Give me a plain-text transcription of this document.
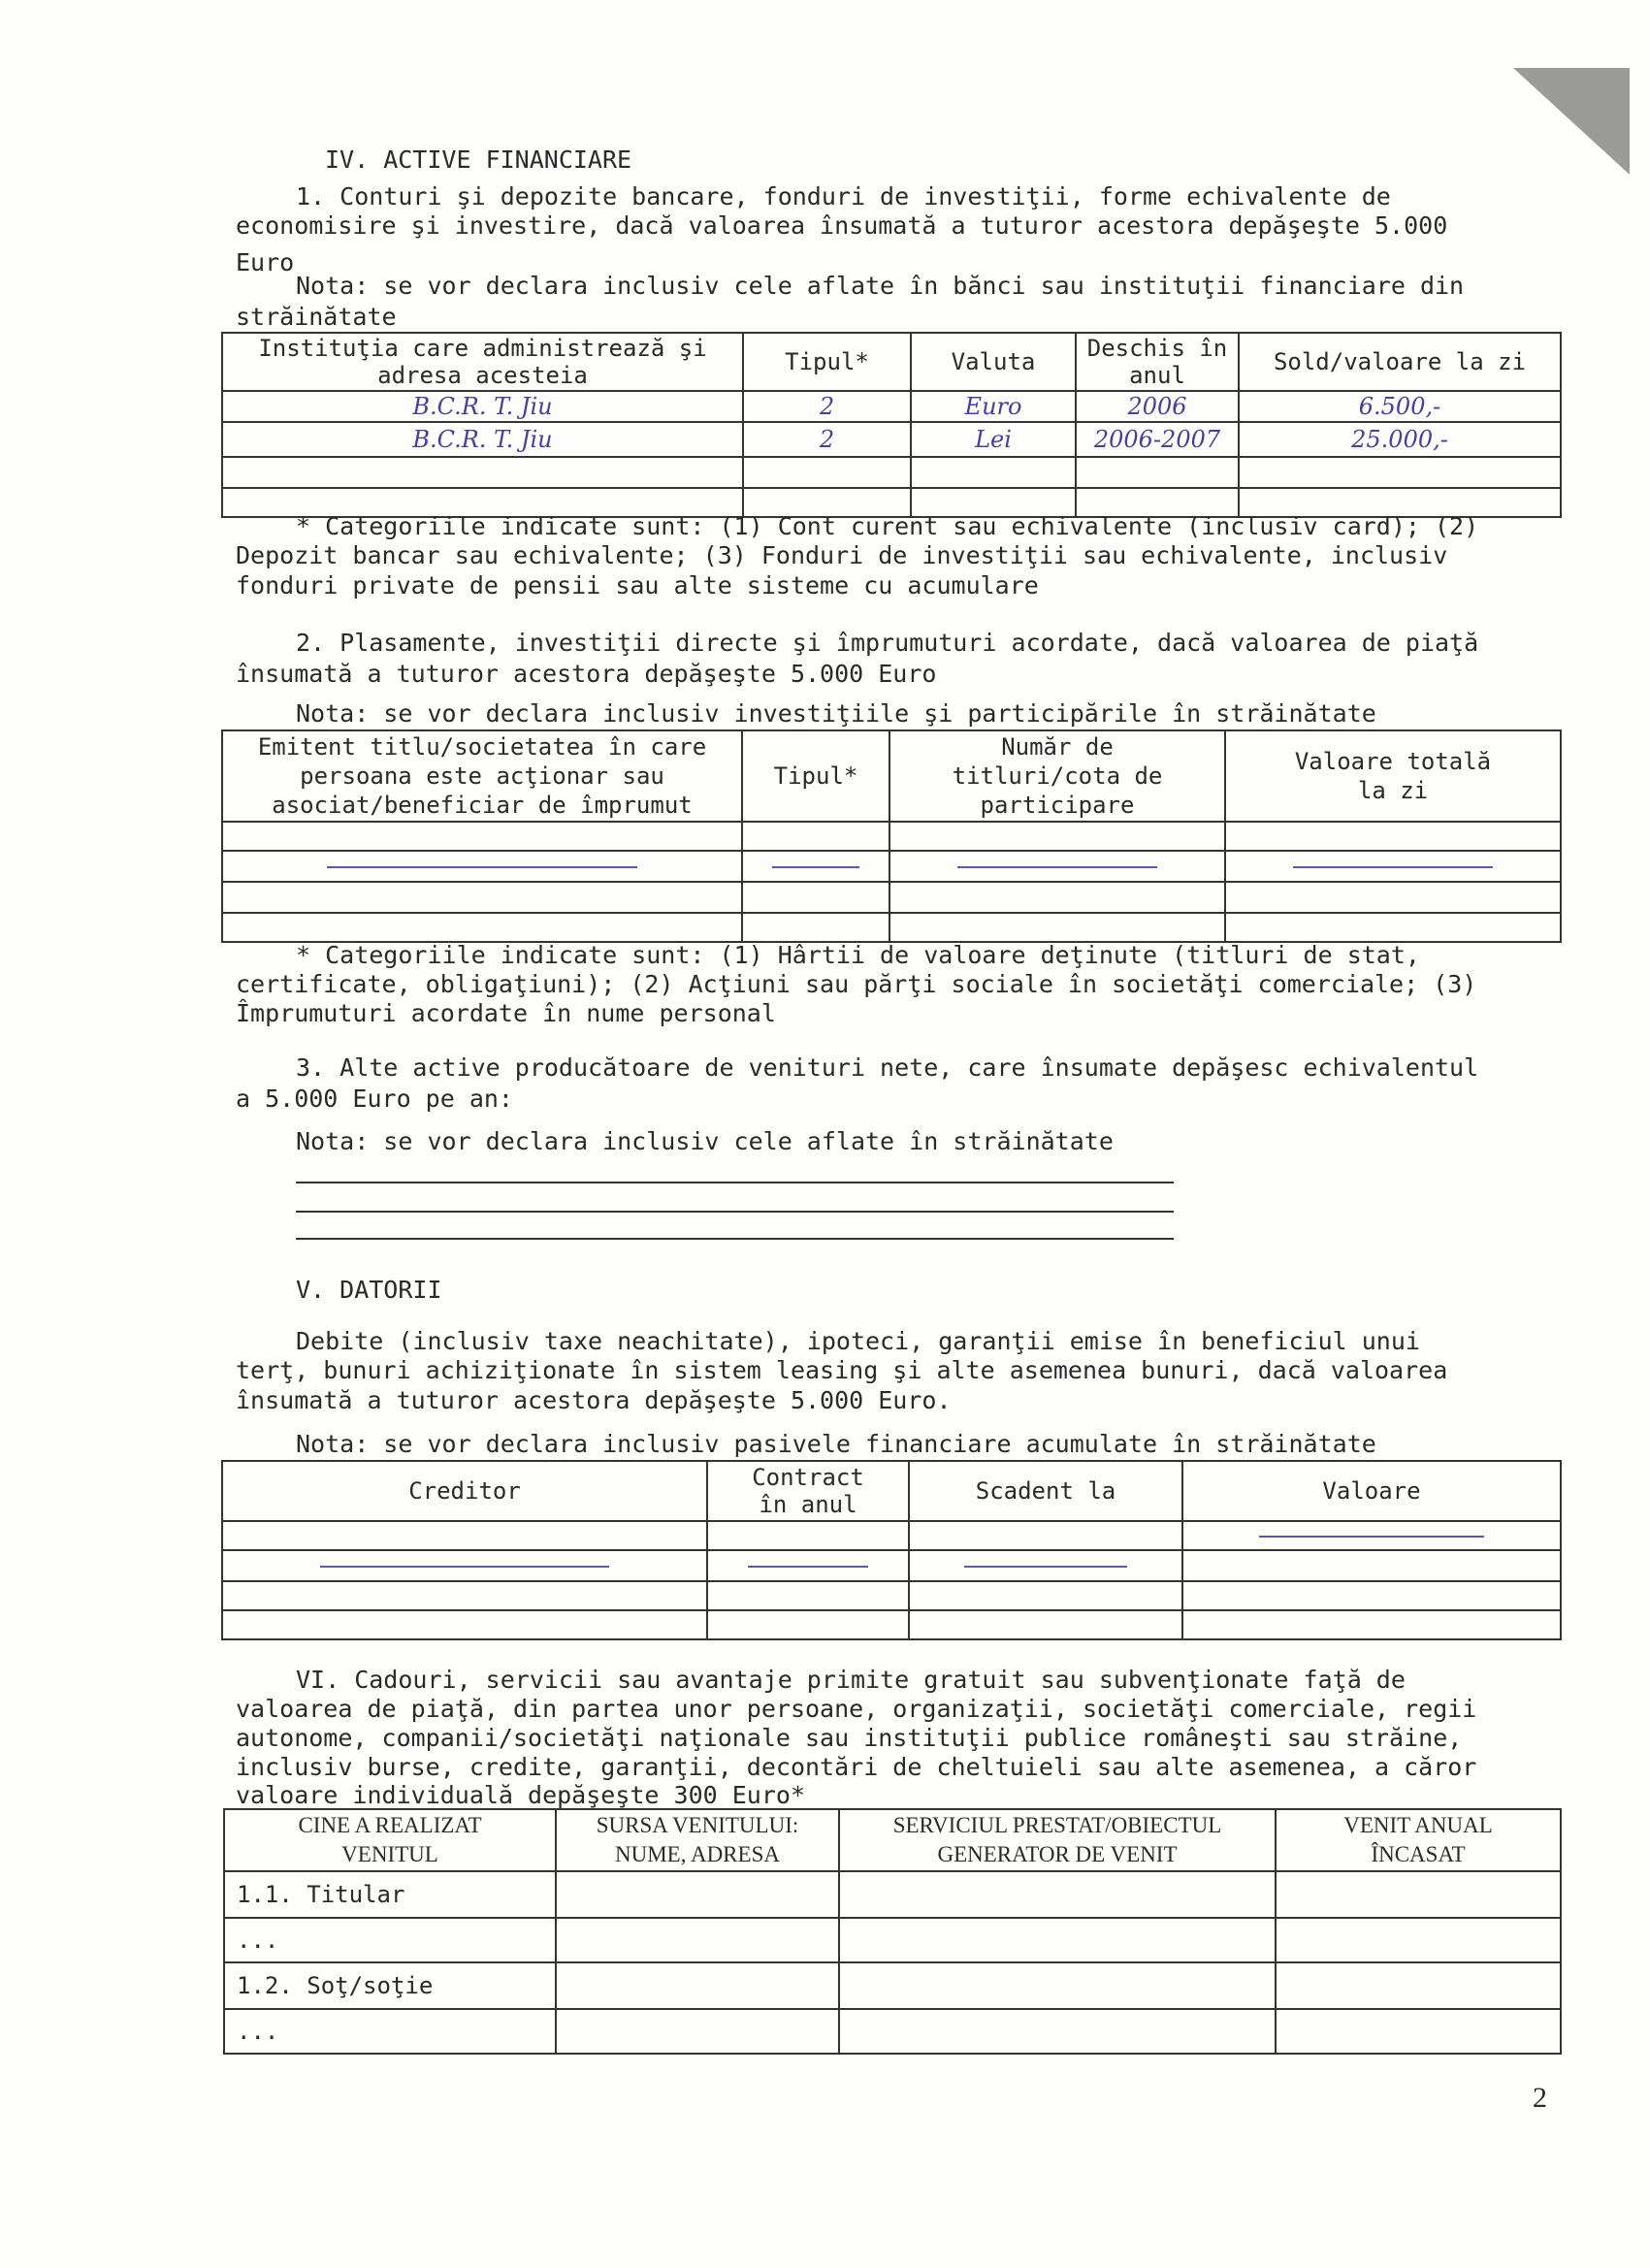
IV. ACTIVE FINANCIARE
1. Conturi şi depozite bancare, fonduri de investiţii, forme echivalente de
economisire şi investire, dacă valoarea însumată a tuturor acestora depăşeşte 5.000
Euro
Nota: se vor declara inclusiv cele aflate în bănci sau instituţii financiare din
străinătate
Instituţia care administrează şi adresa acesteia	Tipul*	Valuta	Deschis în anul	Sold/valoare la zi
B.C.R. T. Jiu	2	Euro	2006	6.500,-
B.C.R. T. Jiu	2	Lei	2006-2007	25.000,-

* Categoriile indicate sunt: (1) Cont curent sau echivalente (inclusiv card); (2)
Depozit bancar sau echivalente; (3) Fonduri de investiţii sau echivalente, inclusiv
fonduri private de pensii sau alte sisteme cu acumulare
2. Plasamente, investiţii directe şi împrumuturi acordate, dacă valoarea de piaţă
însumată a tuturor acestora depăşeşte 5.000 Euro
Nota: se vor declara inclusiv investiţiile şi participările în străinătate
Emitent titlu/societatea în care persoana este acţionar sau asociat/beneficiar de împrumut	Tipul*	Număr de titluri/cota de participare	Valoare totală la zi

* Categoriile indicate sunt: (1) Hârtii de valoare deţinute (titluri de stat,
certificate, obligaţiuni); (2) Acţiuni sau părţi sociale în societăţi comerciale; (3)
Împrumuturi acordate în nume personal
3. Alte active producătoare de venituri nete, care însumate depăşesc echivalentul
a 5.000 Euro pe an:
Nota: se vor declara inclusiv cele aflate în străinătate
V. DATORII
Debite (inclusiv taxe neachitate), ipoteci, garanţii emise în beneficiul unui
terţ, bunuri achiziţionate în sistem leasing şi alte asemenea bunuri, dacă valoarea
însumată a tuturor acestora depăşeşte 5.000 Euro.
Nota: se vor declara inclusiv pasivele financiare acumulate în străinătate
Creditor	Contract în anul	Scadent la	Valoare

VI. Cadouri, servicii sau avantaje primite gratuit sau subvenţionate faţă de
valoarea de piaţă, din partea unor persoane, organizaţii, societăţi comerciale, regii
autonome, companii/societăţi naţionale sau instituţii publice româneşti sau străine,
inclusiv burse, credite, garanţii, decontări de cheltuieli sau alte asemenea, a căror
valoare individuală depăşeşte 300 Euro*
CINE A REALIZAT VENITUL	SURSA VENITULUI: NUME, ADRESA	SERVICIUL PRESTAT/OBIECTUL GENERATOR DE VENIT	VENIT ANUAL ÎNCASAT
1.1. Titular			
...			
1.2. Soţ/soţie			
...			
2
